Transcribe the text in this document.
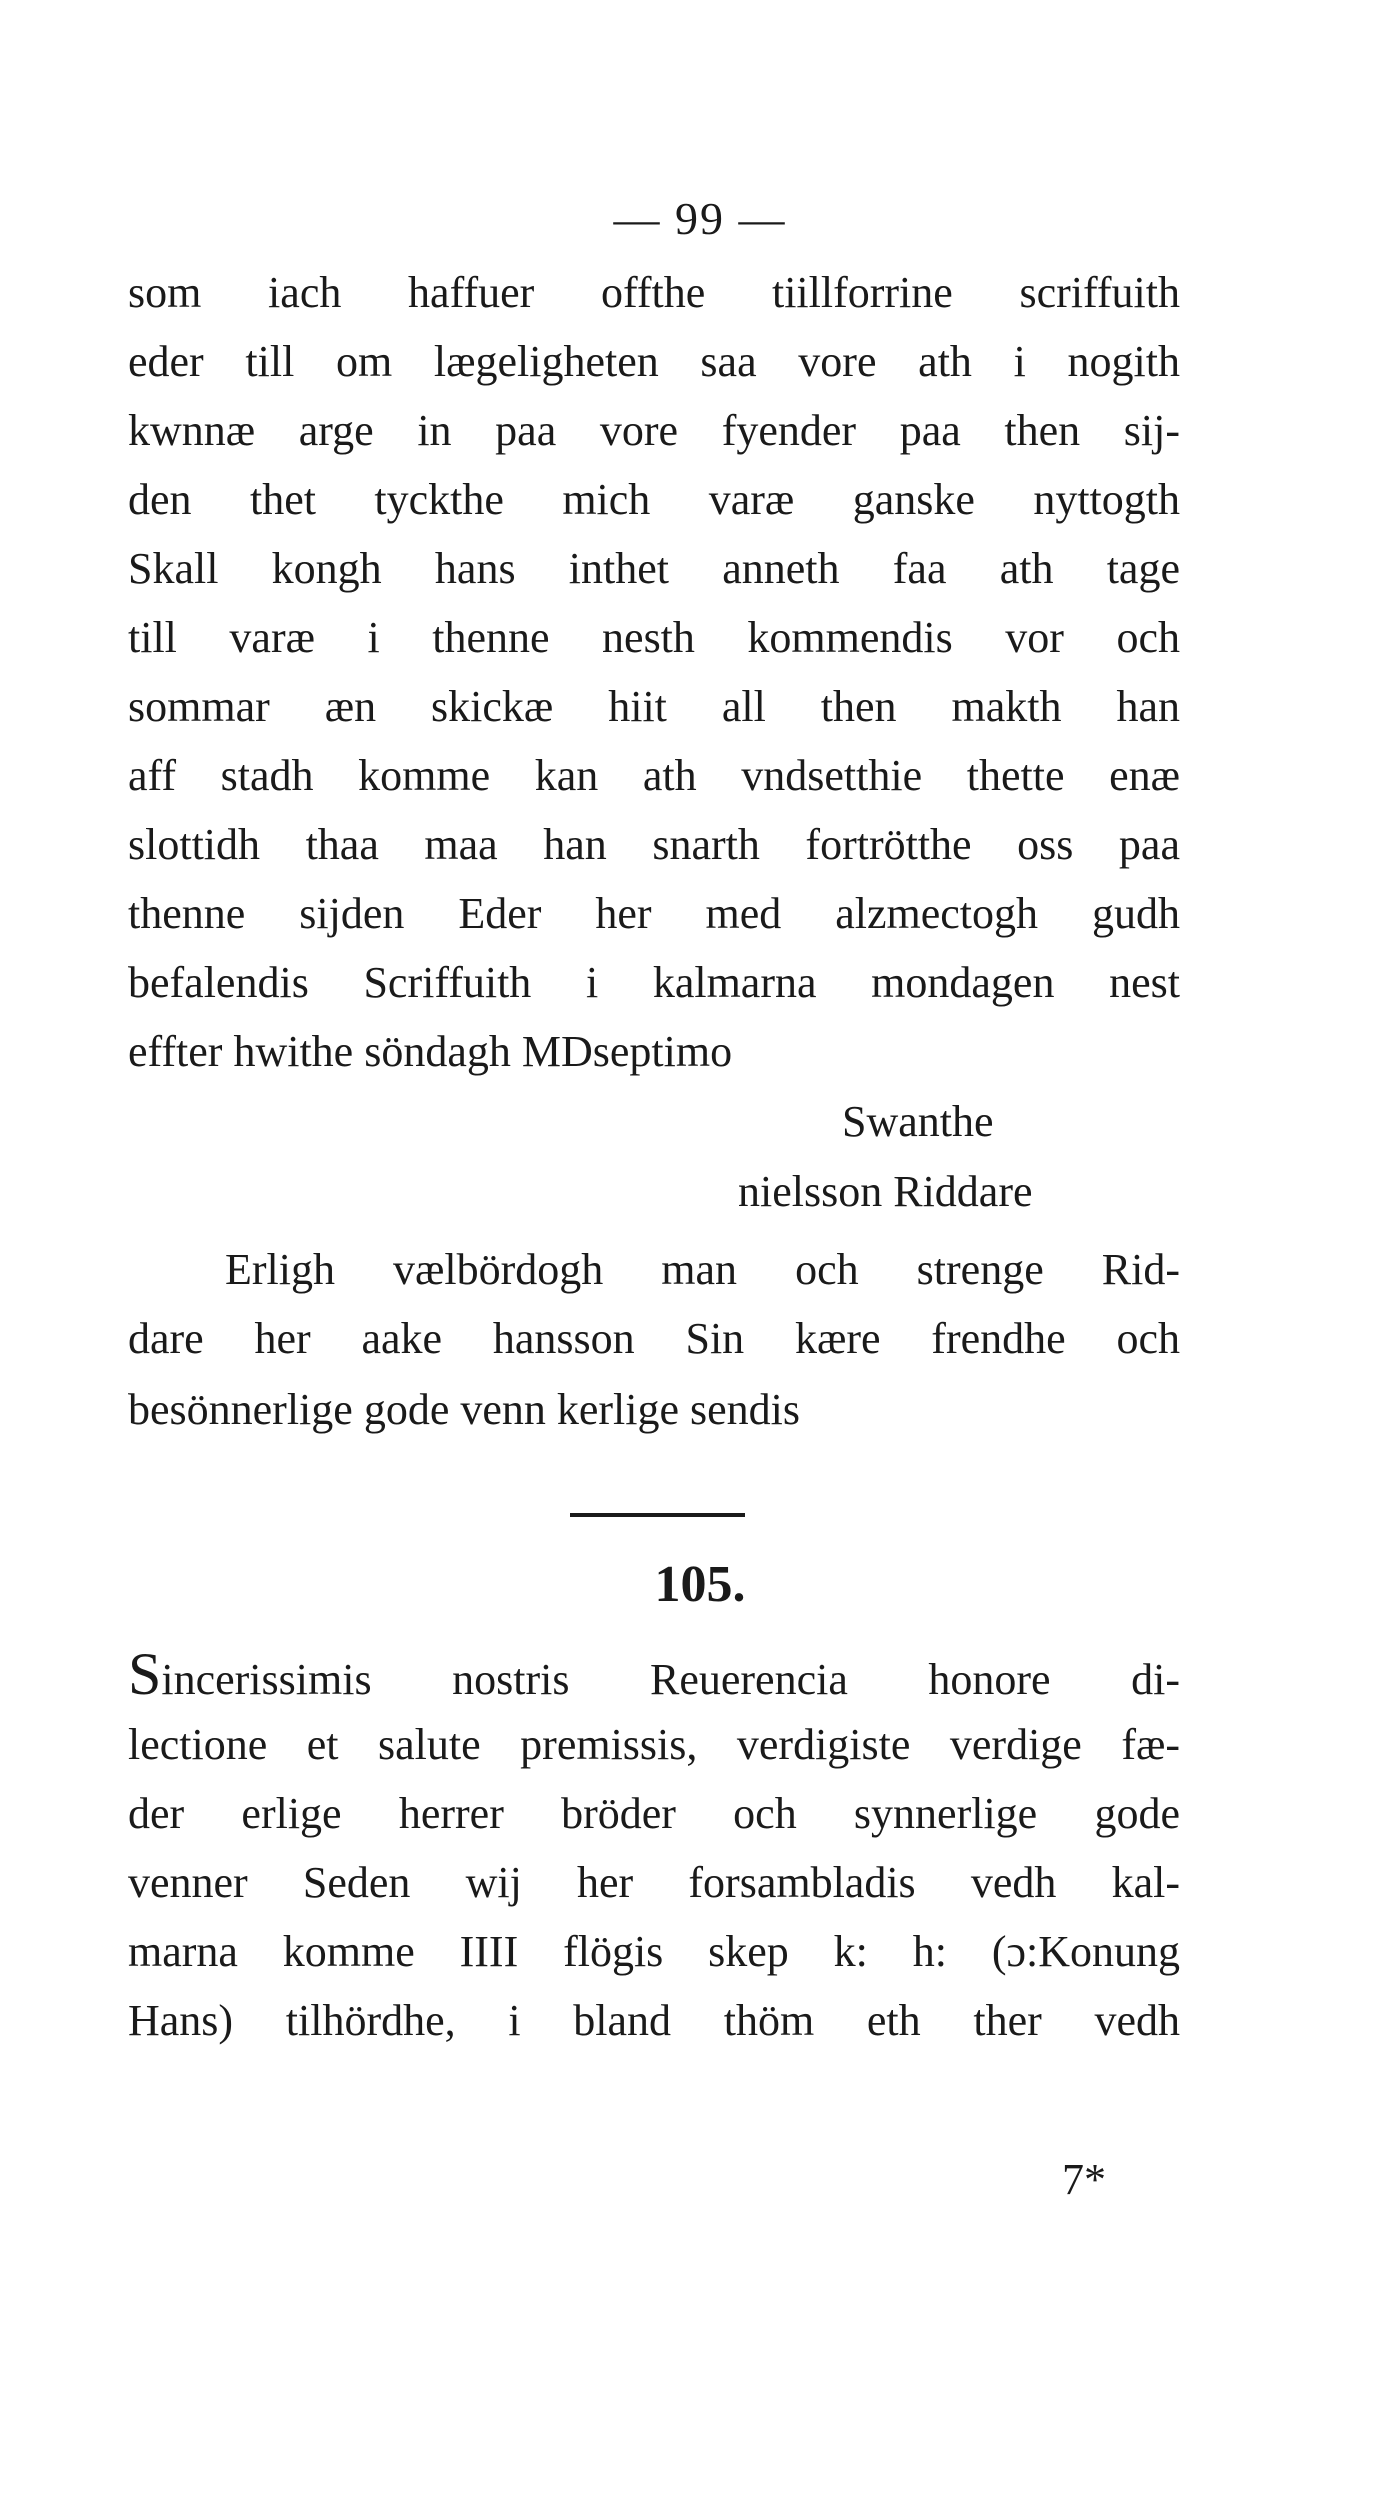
— 99 —
som iach haffuer offthe tiillforrine scriffuith
eder till om lægeligheten saa vore ath i nogith
kwnnæ arge in paa vore fyender paa then sij-
den thet tyckthe mich varæ ganske nyttogth
Skall kongh hans inthet anneth faa ath tage
till varæ i thenne nesth kommendis vor och
sommar æn skickæ hiit all then makth han
aff stadh komme kan ath vndsetthie thette enæ
slottidh thaa maa han snarth fortrötthe oss paa
thenne sijden Eder her med alzmectogh gudh
befalendis Scriffuith i kalmarna mondagen nest
effter hwithe söndagh MDseptimo
Swanthe
nielsson Riddare
Erligh vælbördogh man och strenge Rid-
dare her aake hansson Sin kære frendhe och
besönnerlige gode venn kerlige sendis
105.
Sincerissimis nostris Reuerencia honore di-
lectione et salute premissis, verdigiste verdige fæ-
der erlige herrer bröder och synnerlige gode
venner Seden wij her forsambladis vedh kal-
marna komme IIII flögis skep k: h: (ɔ:Konung
Hans) tilhördhe, i bland thöm eth ther vedh
7*
